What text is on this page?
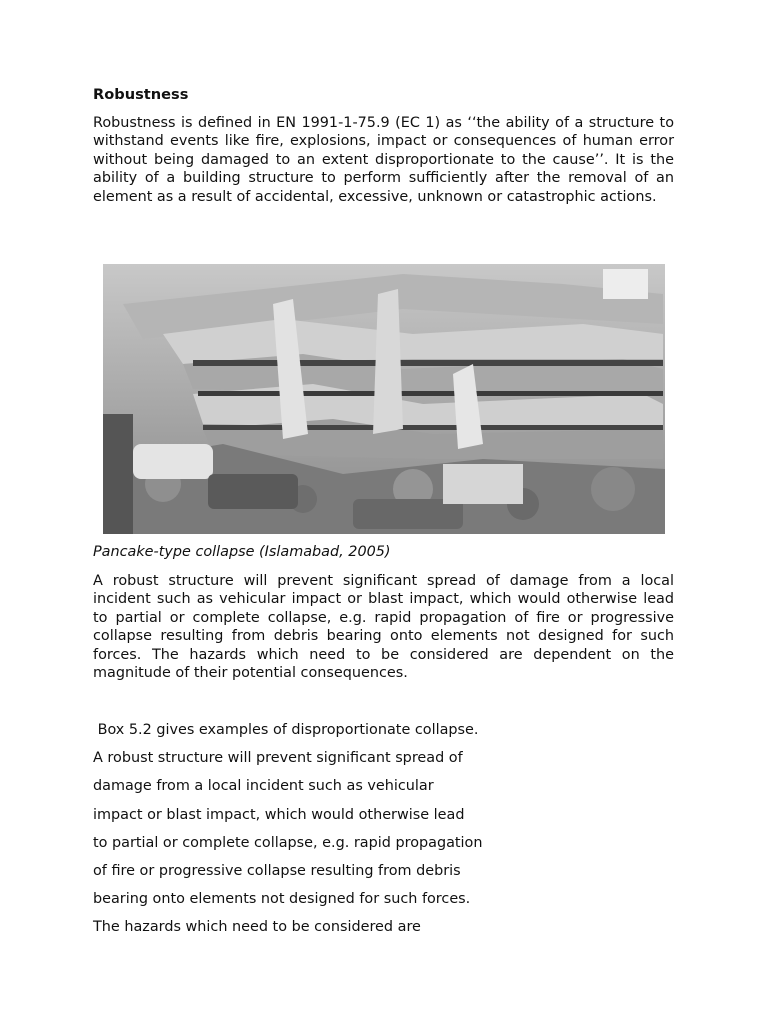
Robustness

Robustness is defined in EN 1991-1-75.9 (EC 1) as ‘‘the ability of a structure to withstand events like fire, explosions, impact or consequences of human error without being damaged to an extent disproportionate to the cause’’. It is the ability of a building structure to perform sufficiently after the removal of an element as a result of accidental, excessive, unknown or catastrophic actions.

Pancake-type collapse (Islamabad, 2005)

A robust structure will prevent significant spread of damage from a local incident such as vehicular impact or blast impact, which would otherwise lead to partial or complete collapse, e.g. rapid propagation of fire or progressive collapse resulting from debris bearing onto elements not designed for such forces. The hazards which need to be considered are dependent on the magnitude of their potential consequences.

Box 5.2 gives examples of disproportionate collapse.
A robust structure will prevent significant spread of
damage from a local incident such as vehicular
impact or blast impact, which would otherwise lead
to partial or complete collapse, e.g. rapid propagation
of fire or progressive collapse resulting from debris
bearing onto elements not designed for such forces.
The hazards which need to be considered are
